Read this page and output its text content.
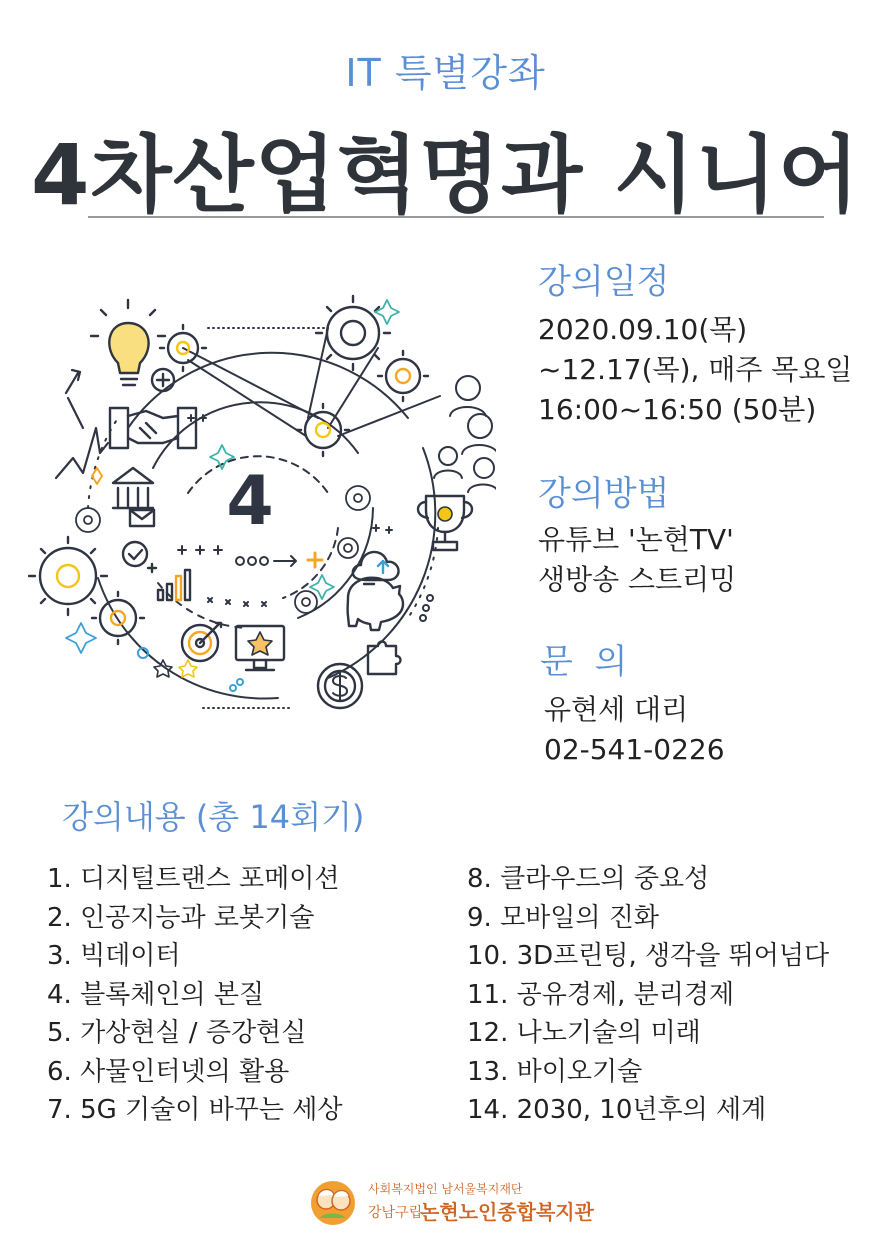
IT 특별강좌
4차산업혁명과 시니어
4
강의일정
2020.09.10(목)
~12.17(목), 매주 목요일
16:00~16:50 (50분)
강의방법
유튜브 '논현TV'
생방송 스트리밍
문  의
유현세 대리
02-541-0226
강의내용 (총 14회기)
1. 디지털트랜스 포메이션
2. 인공지능과 로봇기술
3. 빅데이터
4. 블록체인의 본질
5. 가상현실 / 증강현실
6. 사물인터넷의 활용
7. 5G 기술이 바꾸는 세상
8. 클라우드의 중요성
9. 모바일의 진화
10. 3D프린팅, 생각을 뛰어넘다
11. 공유경제, 분리경제
12. 나노기술의 미래
13. 바이오기술
14. 2030, 10년후의 세계
사회복지법인 남서울복지재단
강남구립
논현노인종합복지관
